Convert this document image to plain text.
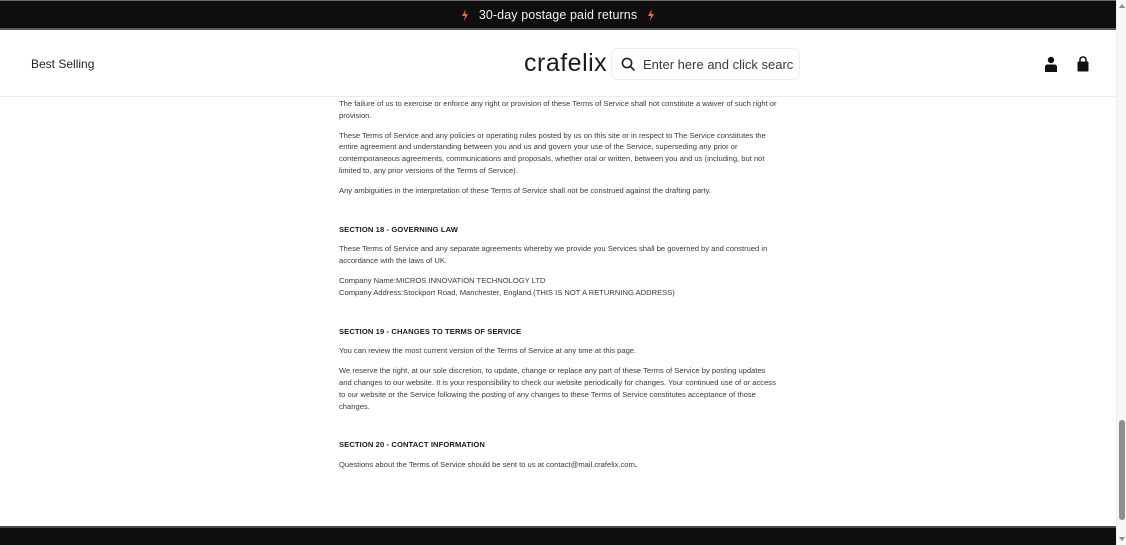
30-day postage paid returns
Best Selling	crafelix
Enter here and click search

The failure of us to exercise or enforce any right or provision of these Terms of Service shall not constitute a waiver of such right or provision.

These Terms of Service and any policies or operating rules posted by us on this site or in respect to The Service constitutes the entire agreement and understanding between you and us and govern your use of the Service, superseding any prior or contemporaneous agreements, communications and proposals, whether oral or written, between you and us (including, but not limited to, any prior versions of the Terms of Service).

Any ambiguities in the interpretation of these Terms of Service shall not be construed against the drafting party.

SECTION 18 - GOVERNING LAW

These Terms of Service and any separate agreements whereby we provide you Services shall be governed by and construed in accordance with the laws of UK.

Company Name:MICROS INNOVATION TECHNOLOGY LTD

Company Address:Stockport Road, Manchester, England.(THIS IS NOT A RETURNING ADDRESS)

SECTION 19 - CHANGES TO TERMS OF SERVICE

You can review the most current version of the Terms of Service at any time at this page.

We reserve the right, at our sole discretion, to update, change or replace any part of these Terms of Service by posting updates and changes to our website. It is your responsibility to check our website periodically for changes. Your continued use of or access to our website or the Service following the posting of any changes to these Terms of Service constitutes acceptance of those changes.

SECTION 20 - CONTACT INFORMATION

Questions about the Terms of Service should be sent to us at contact@mail.crafelix.com.
